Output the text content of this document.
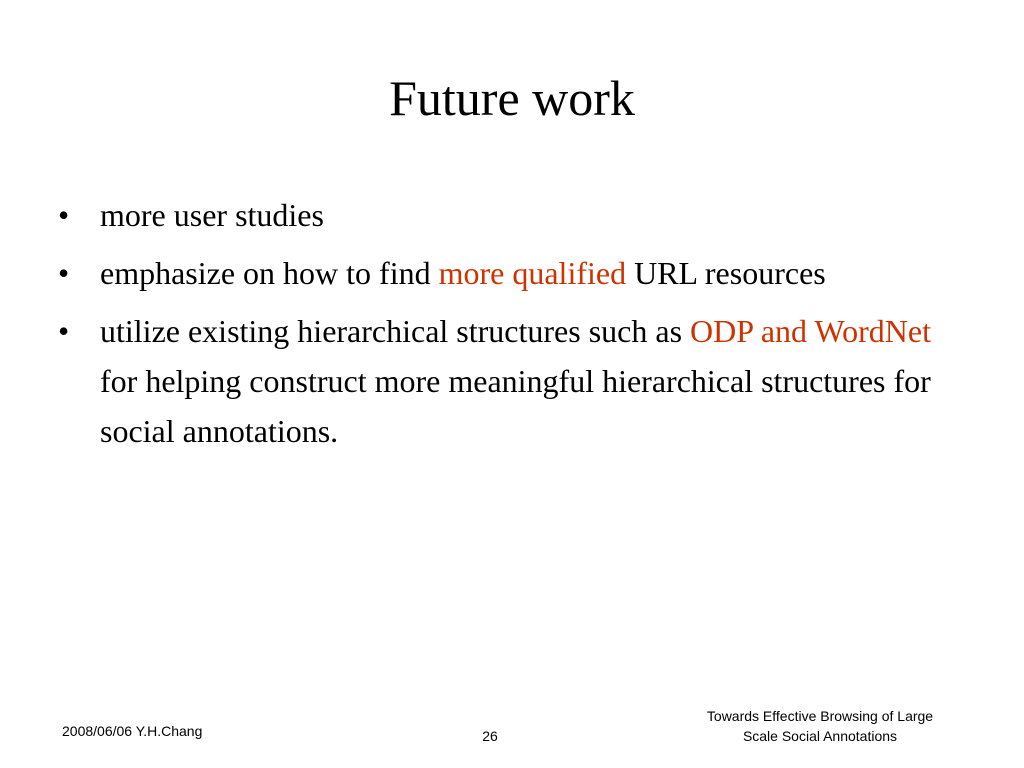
Future work
• more user studies
• emphasize on how to find more qualified URL resources
• utilize existing hierarchical structures such as ODP and WordNet for helping construct more meaningful hierarchical structures for social annotations.
2008/06/06 Y.H.Chang	26
Towards Effective Browsing of Large
Scale Social Annotations
